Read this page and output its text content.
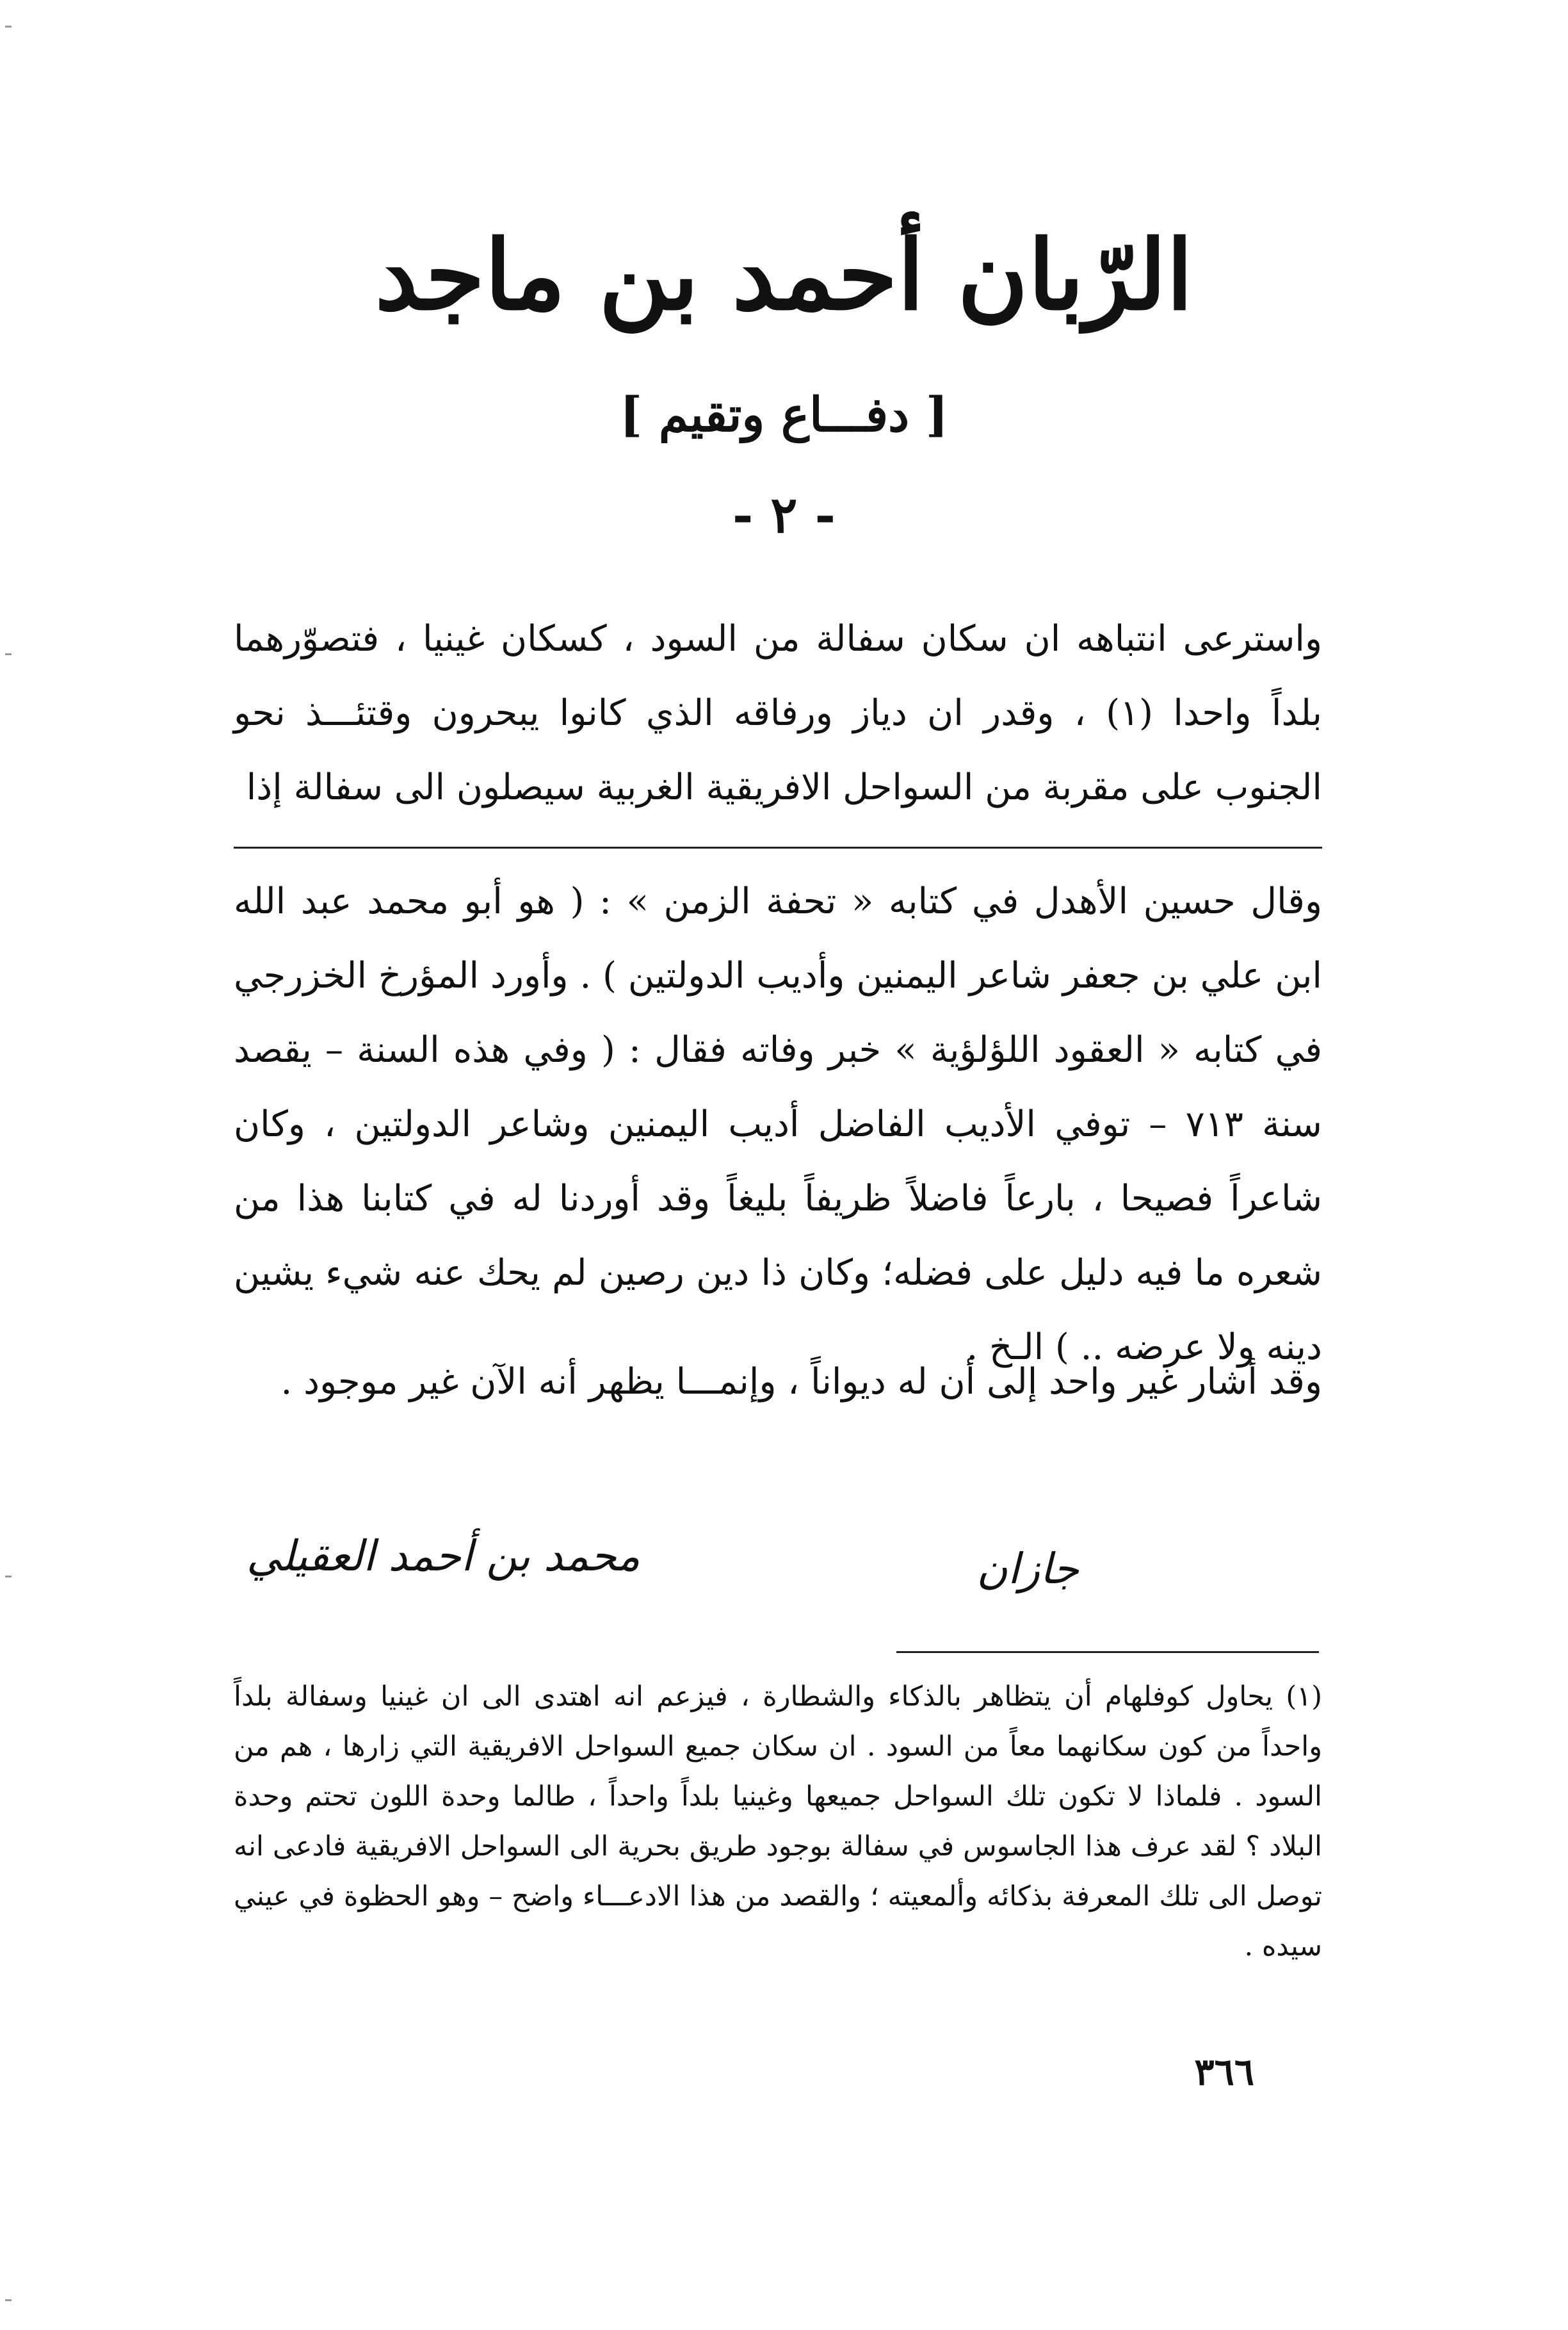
الرّبان أحمد بن ماجد
[ دفـــاع وتقيم ]
- ٢ -

واسترعى انتباهه ان سكان سفالة من السود ، كسكان غينيا ، فتصوّرهما بلداً واحدا (١) ، وقدر ان دياز ورفاقه الذي كانوا يبحرون وقتئـــذ نحو الجنوب على مقربة من السواحل الافريقية الغربية سيصلون الى سفالة إذا

وقال حسين الأهدل في كتابه « تحفة الزمن » : ( هو أبو محمد عبد الله ابن علي بن جعفر شاعر اليمنين وأديب الدولتين ) . وأورد المؤرخ الخزرجي في كتابه « العقود اللؤلؤية » خبر وفاته فقال : ( وفي هذه السنة – يقصد سنة ٧١٣ – توفي الأديب الفاضل أديب اليمنين وشاعر الدولتين ، وكان شاعراً فصيحا ، بارعاً فاضلاً ظريفاً بليغاً وقد أوردنا له في كتابنا هذا من شعره ما فيه دليل على فضله؛ وكان ذا دين رصين لم يحك عنه شيء يشين دينه ولا عرضه .. ) الـخ .

وقد أشار غير واحد إلى أن له ديواناً ، وإنمـــا يظهر أنه الآن غير موجود .

جازان
محمد بن أحمد العقيلي

(١) يحاول كوفلهام أن يتظاهر بالذكاء والشطارة ، فيزعم انه اهتدى الى ان غينيا وسفالة بلداً واحداً من كون سكانهما معاً من السود . ان سكان جميع السواحل الافريقية التي زارها ، هم من السود . فلماذا لا تكون تلك السواحل جميعها وغينيا بلداً واحداً ، طالما وحدة اللون تحتم وحدة البلاد ؟ لقد عرف هذا الجاسوس في سفالة بوجود طريق بحرية الى السواحل الافريقية فادعى انه توصل الى تلك المعرفة بذكائه وألمعيته ؛ والقصد من هذا الادعـــاء واضح – وهو الحظوة في عيني سيده .

٣٦٦
